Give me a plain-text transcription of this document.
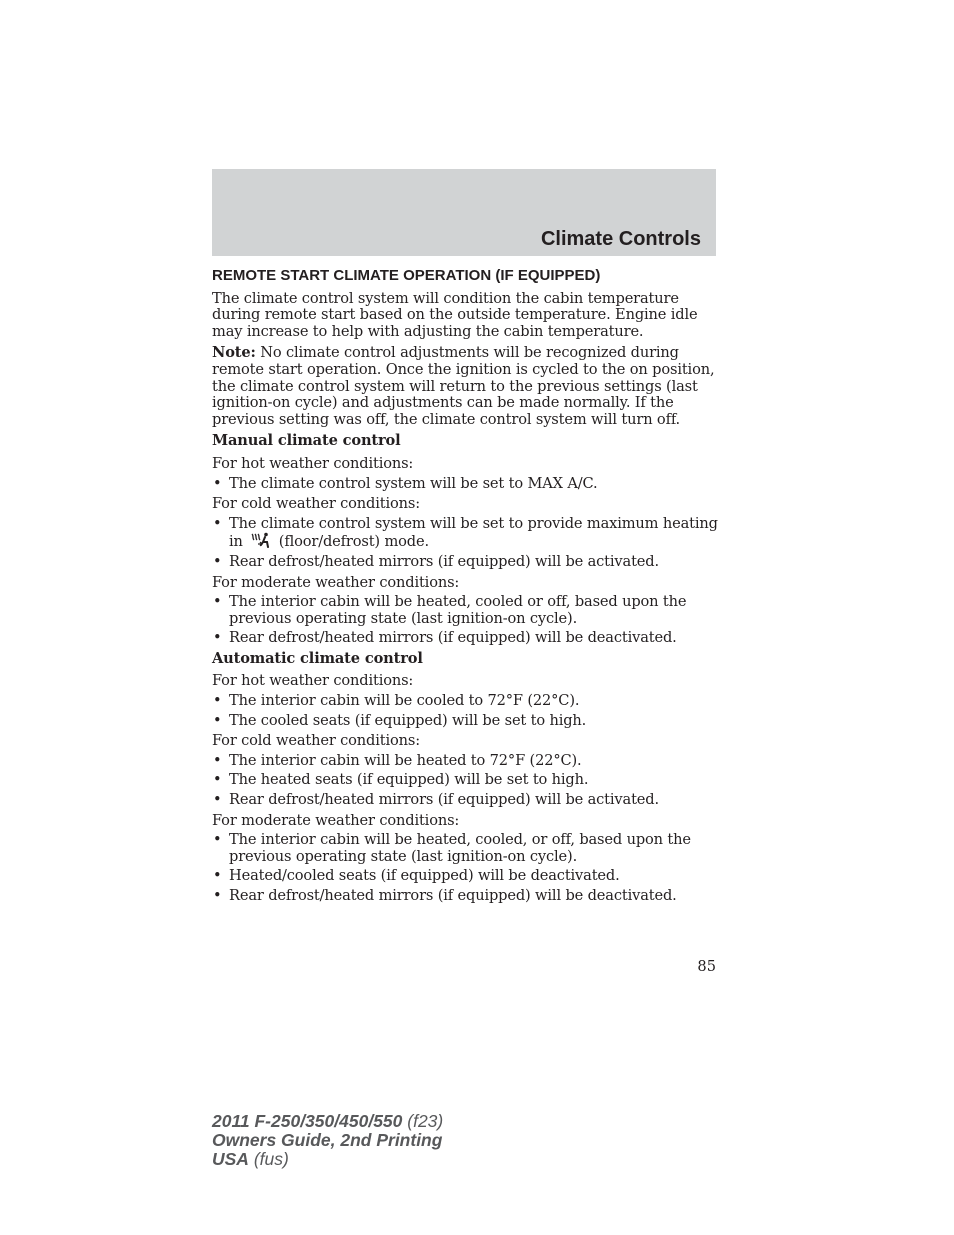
Climate Controls
REMOTE START CLIMATE OPERATION (IF EQUIPPED)

The climate control system will condition the cabin temperature during remote start based on the outside temperature. Engine idle may increase to help with adjusting the cabin temperature.

Note: No climate control adjustments will be recognized during remote start operation. Once the ignition is cycled to the on position, the climate control system will return to the previous settings (last ignition-on cycle) and adjustments can be made normally. If the previous setting was off, the climate control system will turn off.

Manual climate control
For hot weather conditions:
• The climate control system will be set to MAX A/C.
For cold weather conditions:
• The climate control system will be set to provide maximum heating in (floor/defrost) mode.
• Rear defrost/heated mirrors (if equipped) will be activated.
For moderate weather conditions:
• The interior cabin will be heated, cooled or off, based upon the previous operating state (last ignition-on cycle).
• Rear defrost/heated mirrors (if equipped) will be deactivated.
Automatic climate control
For hot weather conditions:
• The interior cabin will be cooled to 72°F (22°C).
• The cooled seats (if equipped) will be set to high.
For cold weather conditions:
• The interior cabin will be heated to 72°F (22°C).
• The heated seats (if equipped) will be set to high.
• Rear defrost/heated mirrors (if equipped) will be activated.
For moderate weather conditions:
• The interior cabin will be heated, cooled, or off, based upon the previous operating state (last ignition-on cycle).
• Heated/cooled seats (if equipped) will be deactivated.
• Rear defrost/heated mirrors (if equipped) will be deactivated.
85
2011 F-250/350/450/550 (f23)
Owners Guide, 2nd Printing
USA (fus)
